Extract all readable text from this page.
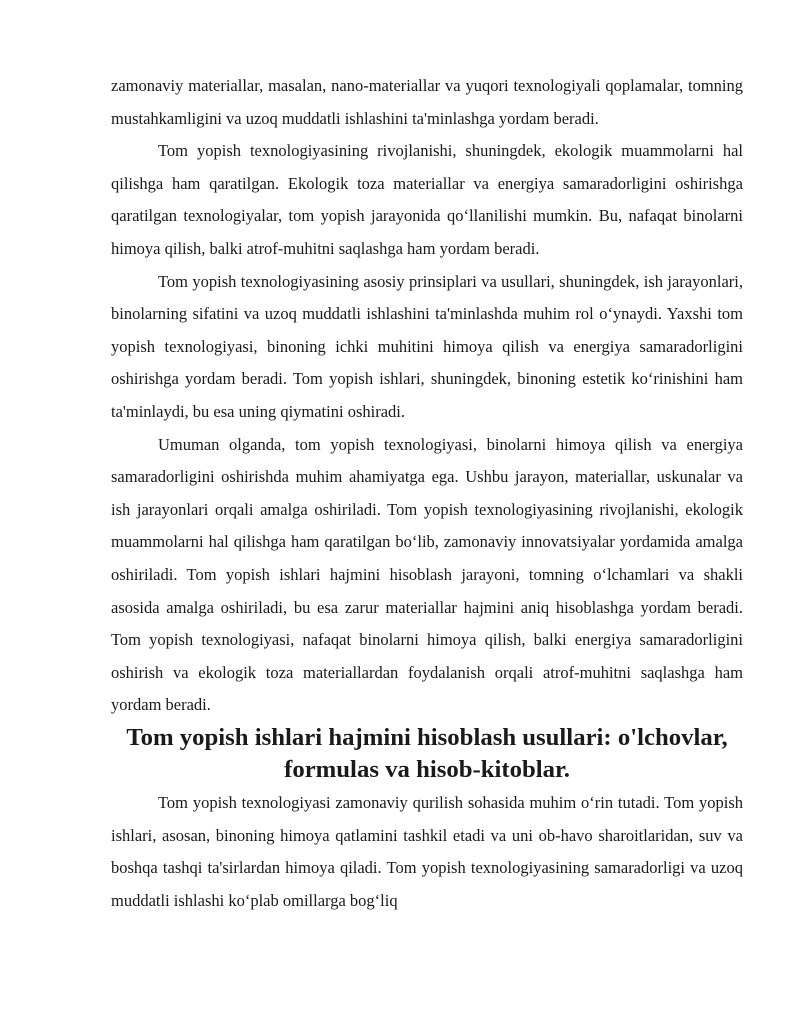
zamonaviy materiallar, masalan, nano-materiallar va yuqori texnologiyali qoplamalar, tomning mustahkamligini va uzoq muddatli ishlashini ta'minlashga yordam beradi.

Tom yopish texnologiyasining rivojlanishi, shuningdek, ekologik muammolarni hal qilishga ham qaratilgan. Ekologik toza materiallar va energiya samaradorligini oshirishga qaratilgan texnologiyalar, tom yopish jarayonida qo‘llanilishi mumkin. Bu, nafaqat binolarni himoya qilish, balki atrof-muhitni saqlashga ham yordam beradi.

Tom yopish texnologiyasining asosiy prinsiplari va usullari, shuningdek, ish jarayonlari, binolarning sifatini va uzoq muddatli ishlashini ta'minlashda muhim rol o‘ynaydi. Yaxshi tom yopish texnologiyasi, binoning ichki muhitini himoya qilish va energiya samaradorligini oshirishga yordam beradi. Tom yopish ishlari, shuningdek, binoning estetik ko‘rinishini ham ta'minlaydi, bu esa uning qiymatini oshiradi.

Umuman olganda, tom yopish texnologiyasi, binolarni himoya qilish va energiya samaradorligini oshirishda muhim ahamiyatga ega. Ushbu jarayon, materiallar, uskunalar va ish jarayonlari orqali amalga oshiriladi. Tom yopish texnologiyasining rivojlanishi, ekologik muammolarni hal qilishga ham qaratilgan bo‘lib, zamonaviy innovatsiyalar yordamida amalga oshiriladi. Tom yopish ishlari hajmini hisoblash jarayoni, tomning o‘lchamlari va shakli asosida amalga oshiriladi, bu esa zarur materiallar hajmini aniq hisoblashga yordam beradi. Tom yopish texnologiyasi, nafaqat binolarni himoya qilish, balki energiya samaradorligini oshirish va ekologik toza materiallardan foydalanish orqali atrof-muhitni saqlashga ham yordam beradi.

Tom yopish ishlari hajmini hisoblash usullari: o'lchovlar, formulas va hisob-kitoblar.

Tom yopish texnologiyasi zamonaviy qurilish sohasida muhim o‘rin tutadi. Tom yopish ishlari, asosan, binoning himoya qatlamini tashkil etadi va uni ob-havo sharoitlaridan, suv va boshqa tashqi ta'sirlardan himoya qiladi. Tom yopish texnologiyasining samaradorligi va uzoq muddatli ishlashi ko‘plab omillarga bog‘liq
